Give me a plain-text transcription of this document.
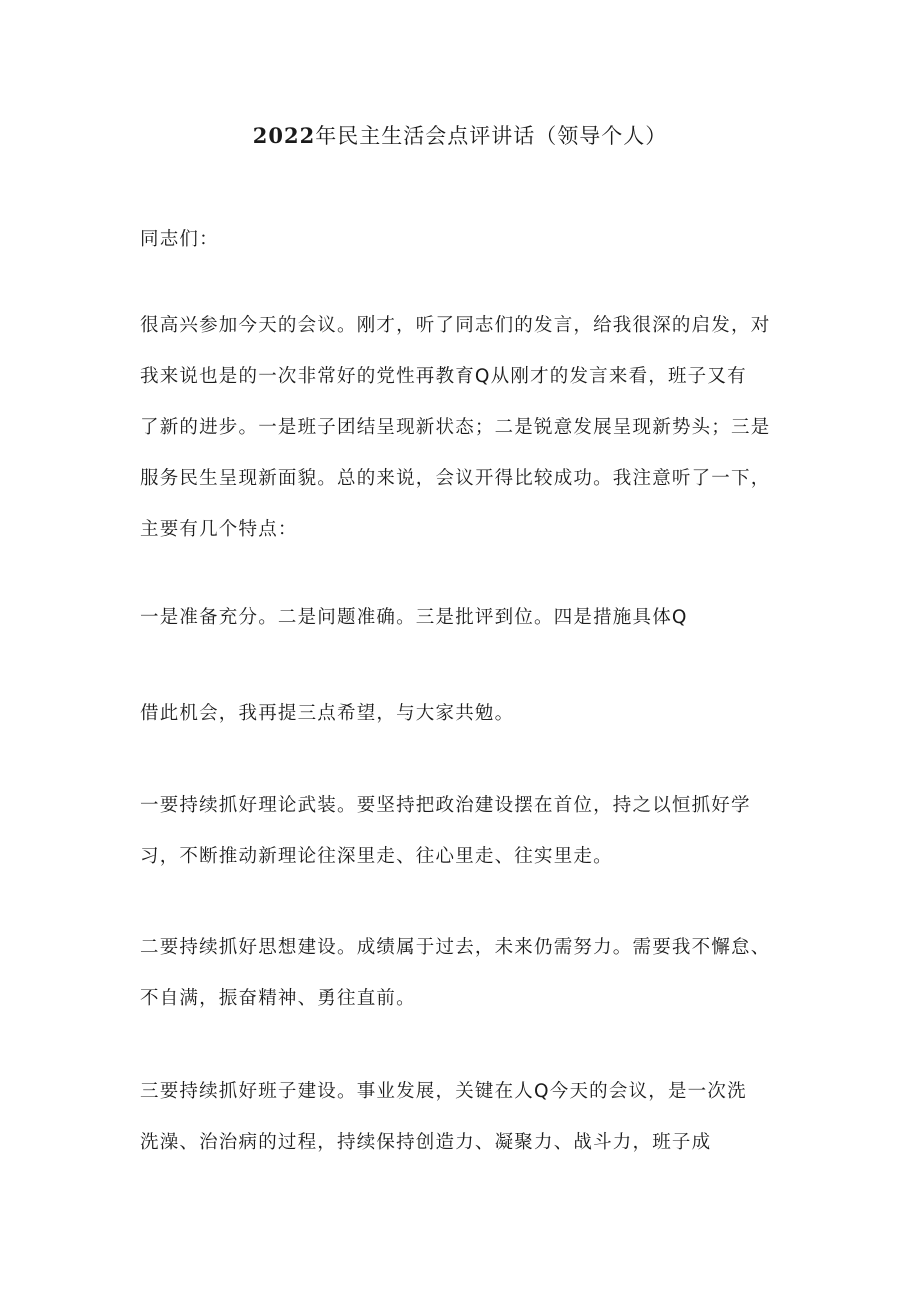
2022年民主生活会点评讲话（领导个人）

同志们：

很高兴参加今天的会议。刚才，听了同志们的发言，给我很深的启发，对
我来说也是的一次非常好的党性再教育Q从刚才的发言来看，班子又有
了新的进步。一是班子团结呈现新状态；二是锐意发展呈现新势头；三是
服务民生呈现新面貌。总的来说，会议开得比较成功。我注意听了一下，
主要有几个特点：

一是准备充分。二是问题准确。三是批评到位。四是措施具体Q

借此机会，我再提三点希望，与大家共勉。

一要持续抓好理论武装。要坚持把政治建设摆在首位，持之以恒抓好学
习，不断推动新理论往深里走、往心里走、往实里走。

二要持续抓好思想建设。成绩属于过去，未来仍需努力。需要我不懈怠、
不自满，振奋精神、勇往直前。

三要持续抓好班子建设。事业发展，关键在人Q今天的会议，是一次洗
洗澡、治治病的过程，持续保持创造力、凝聚力、战斗力，班子成
